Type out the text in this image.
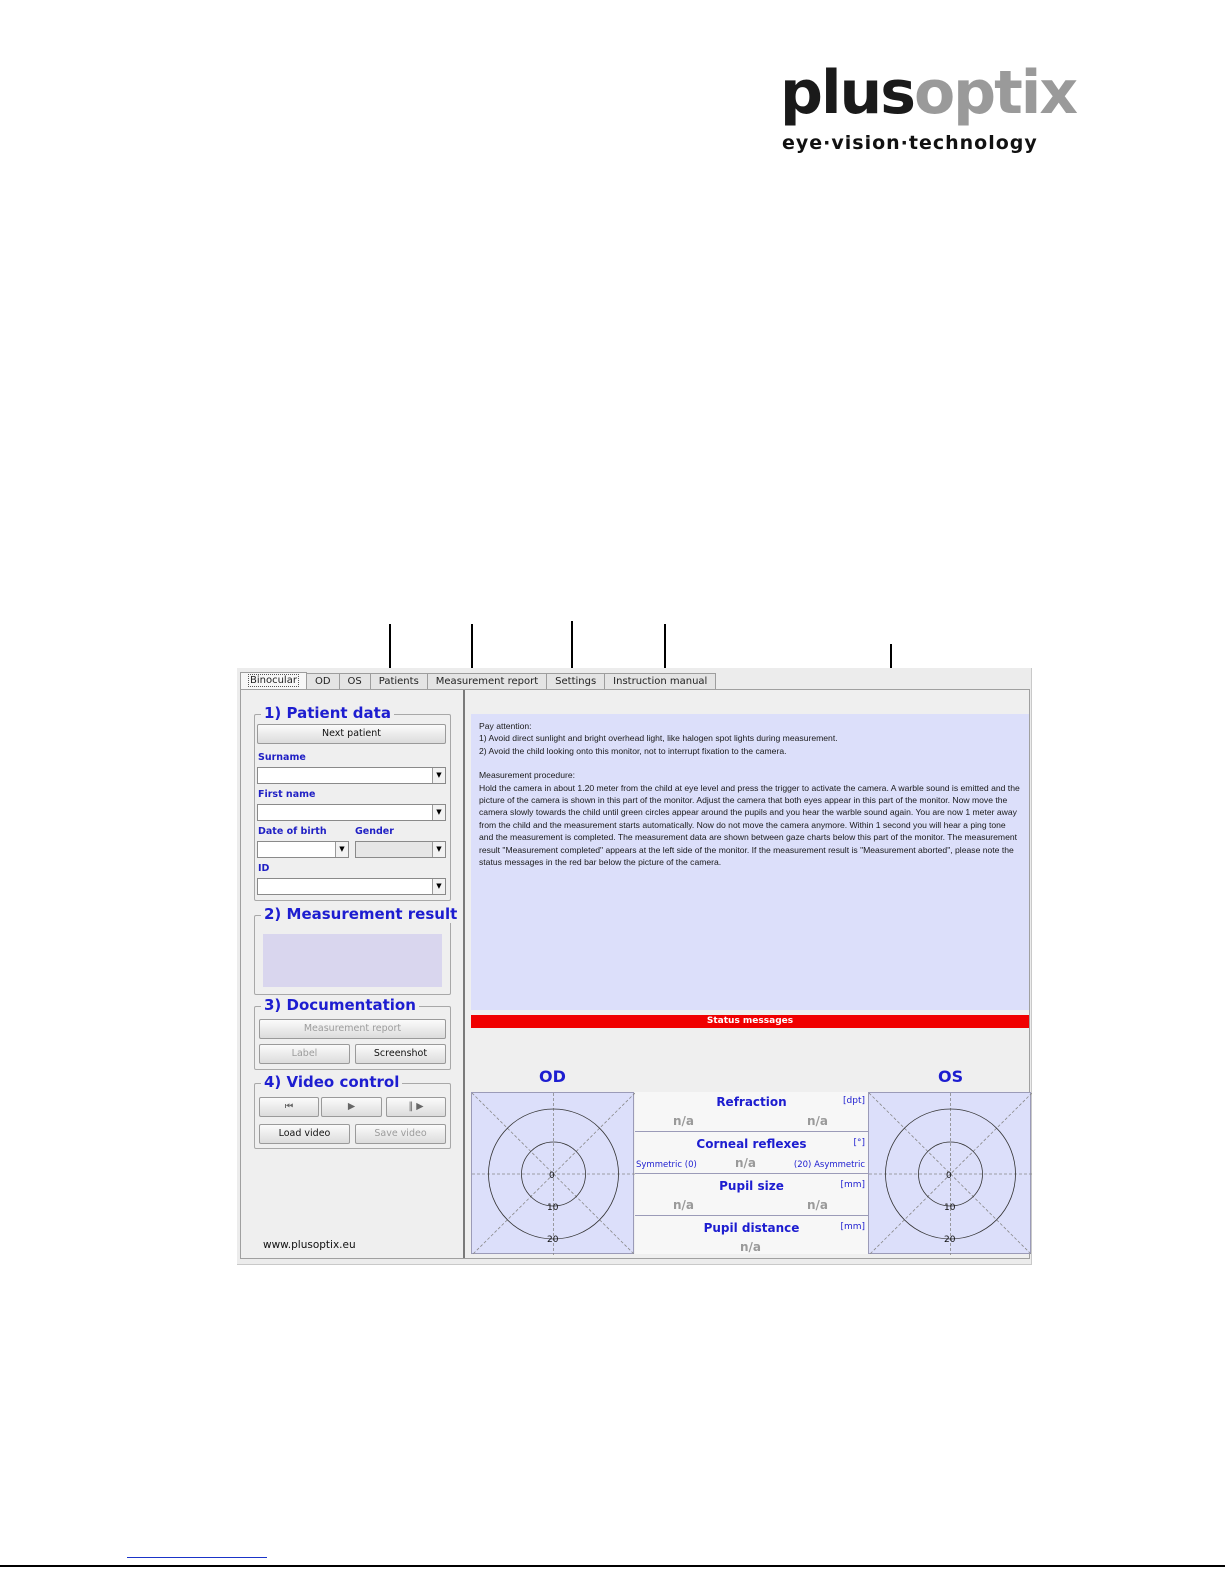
plusoptix
eye·vision·technology
Binocular	OD	OS	Patients	Measurement report	Settings	Instruction manual
1) Patient data
Next patient
Surname
▼
First name
▼
Date of birth	Gender
▼	▼
ID
▼
2) Measurement result
3) Documentation
Measurement report
Label	Screenshot
4) Video control
⏮	▶	‖ ▶
Load video	Save video
www.plusoptix.eu

Pay attention:
1) Avoid direct sunlight and bright overhead light, like halogen spot lights during measurement.
2) Avoid the child looking onto this monitor, not to interrupt fixation to the camera.

Measurement procedure:
Hold the camera in about 1.20 meter from the child at eye level and press the trigger to activate the camera. A warble sound is emitted and the picture of the camera is shown in this part of the monitor. Adjust the camera that both eyes appear in this part of the monitor. Now move the camera slowly towards the child until green circles appear around the pupils and you hear the warble sound again. You are now 1 meter away from the child and the measurement starts automatically. Now do not move the camera anymore. Within 1 second you will hear a ping tone and the measurement is completed. The measurement data are shown between gaze charts below this part of the monitor. The measurement result "Measurement completed" appears at the left side of the monitor. If the measurement result is "Measurement aborted", please note the status messages in the red bar below the picture of the camera.

Status messages
OD	OS
0
10
20
0
10
20
Refraction	[dpt]
n/a	n/a
Corneal reflexes	[°]
Symmetric (0)	n/a	(20) Asymmetric
Pupil size	[mm]
n/a	n/a
Pupil distance	[mm]
n/a
